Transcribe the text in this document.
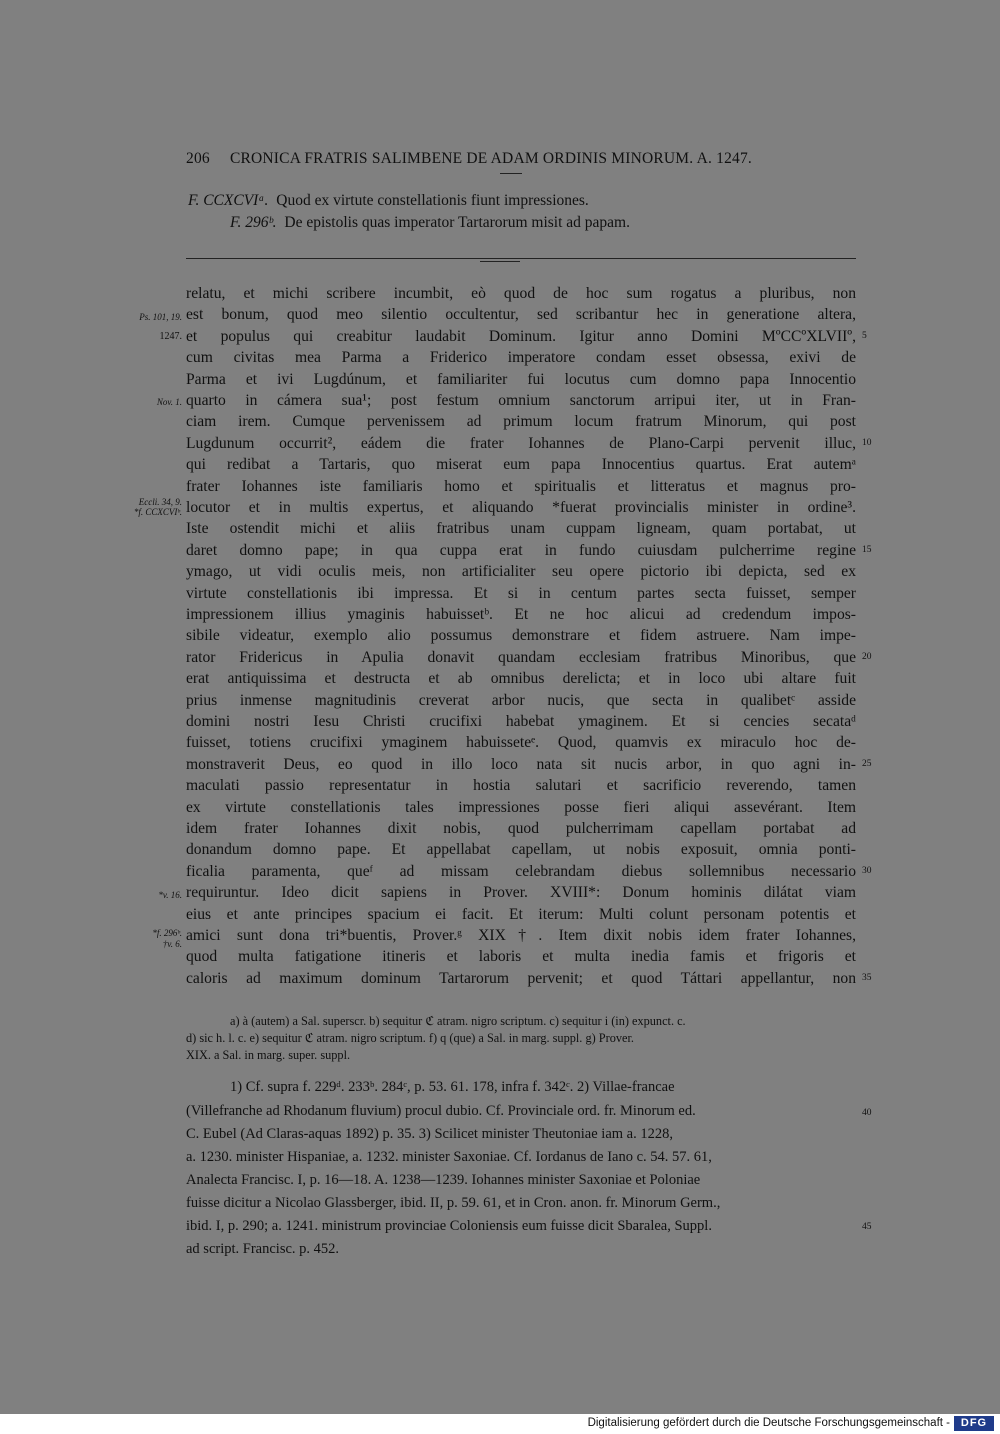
206 CRONICA FRATRIS SALIMBENE DE ADAM ORDINIS MINORUM. A. 1247.
F. CCXCVIᵃ. Quod ex virtute constellationis fiunt impressiones.
F. 296ᵇ. De epistolis quas imperator Tartarorum misit ad papam.
relatu, et michi scribere incumbit, eò quod de hoc sum rogatus a pluribus, non
est bonum, quod meo silentio occultentur, sed scribantur hec in generatione altera,
et populus qui creabitur laudabit Dominum. Igitur anno Domini MºCCºXLVIIº,
cum civitas mea Parma a Friderico imperatore condam esset obsessa, exivi de
Parma et ivi Lugdúnum, et familiariter fui locutus cum domno papa Innocentio
quarto in cámera sua¹; post festum omnium sanctorum arripui iter, ut in Fran-
ciam irem. Cumque pervenissem ad primum locum fratrum Minorum, qui post
Lugdunum occurrit², eádem die frater Iohannes de Plano-Carpi pervenit illuc,
qui redibat a Tartaris, quo miserat eum papa Innocentius quartus. Erat autemᵃ
frater Iohannes iste familiaris homo et spiritualis et litteratus et magnus pro-
locutor et in multis expertus, et aliquando *fuerat provincialis minister in ordine³.
Iste ostendit michi et aliis fratribus unam cuppam ligneam, quam portabat, ut
daret domno pape; in qua cuppa erat in fundo cuiusdam pulcherrime regine
ymago, ut vidi oculis meis, non artificialiter seu opere pictorio ibi depicta, sed ex
virtute constellationis ibi impressa. Et si in centum partes secta fuisset, semper
impressionem illius ymaginis habuissetᵇ. Et ne hoc alicui ad credendum impos-
sibile videatur, exemplo alio possumus demonstrare et fidem astruere. Nam impe-
rator Fridericus in Apulia donavit quandam ecclesiam fratribus Minoribus, que
erat antiquissima et destructa et ab omnibus derelicta; et in loco ubi altare fuit
prius inmense magnitudinis creverat arbor nucis, que secta in qualibetᶜ asside
domini nostri Iesu Christi crucifixi habebat ymaginem. Et si cencies secataᵈ
fuisset, totiens crucifixi ymaginem habuisseteᵉ. Quod, quamvis ex miraculo hoc de-
monstraverit Deus, eo quod in illo loco nata sit nucis arbor, in quo agni in-
maculati passio representatur in hostia salutari et sacrificio reverendo, tamen
ex virtute constellationis tales impressiones posse fieri aliqui assevérant. Item
idem frater Iohannes dixit nobis, quod pulcherrimam capellam portabat ad
donandum domno pape. Et appellabat capellam, ut nobis exposuit, omnia ponti-
ficalia paramenta, queᶠ ad missam celebrandam diebus sollemnibus necessario
requiruntur. Ideo dicit sapiens in Prover. XVIII*: Donum hominis dilátat viam
eius et ante principes spacium ei facit. Et iterum: Multi colunt personam potentis et
amici sunt dona tri*buentis, Prover.ᵍ XIX†. Item dixit nobis idem frater Iohannes,
quod multa fatigatione itineris et laboris et multa inedia famis et frigoris et
caloris ad maximum dominum Tartarorum pervenit; et quod Táttari appellantur, non
5
10
15
20
25
30
35
Ps. 101, 19.
1247.
Nov. 1.
Eccli. 34, 9.
*f. CCXCVIᵇ.
*v. 16.
*f. 296ᵇ.
†v. 6.
a) à (autem) a Sal. superscr. b) sequitur ℭ atram. nigro scriptum. c) sequitur i (in) expunct. c.
d) sic h. l. c. e) sequitur ℭ atram. nigro scriptum. f) q (que) a Sal. in marg. suppl. g) Prover.
XIX. a Sal. in marg. super. suppl.
1) Cf. supra f. 229ᵈ. 233ᵇ. 284ᶜ, p. 53. 61. 178, infra f. 342ᶜ. 2) Villae-francae
(Villefranche ad Rhodanum fluvium) procul dubio. Cf. Provinciale ord. fr. Minorum ed.
C. Eubel (Ad Claras-aquas 1892) p. 35. 3) Scilicet minister Theutoniae iam a. 1228,
a. 1230. minister Hispaniae, a. 1232. minister Saxoniae. Cf. Iordanus de Iano c. 54. 57. 61,
Analecta Francisc. I, p. 16—18. A. 1238—1239. Iohannes minister Saxoniae et Poloniae
fuisse dicitur a Nicolao Glassberger, ibid. II, p. 59. 61, et in Cron. anon. fr. Minorum Germ.,
ibid. I, p. 290; a. 1241. ministrum provinciae Coloniensis eum fuisse dicit Sbaralea, Suppl.
ad script. Francisc. p. 452.
40
45
Digitalisierung gefördert durch die Deutsche Forschungsgemeinschaft - DFG
